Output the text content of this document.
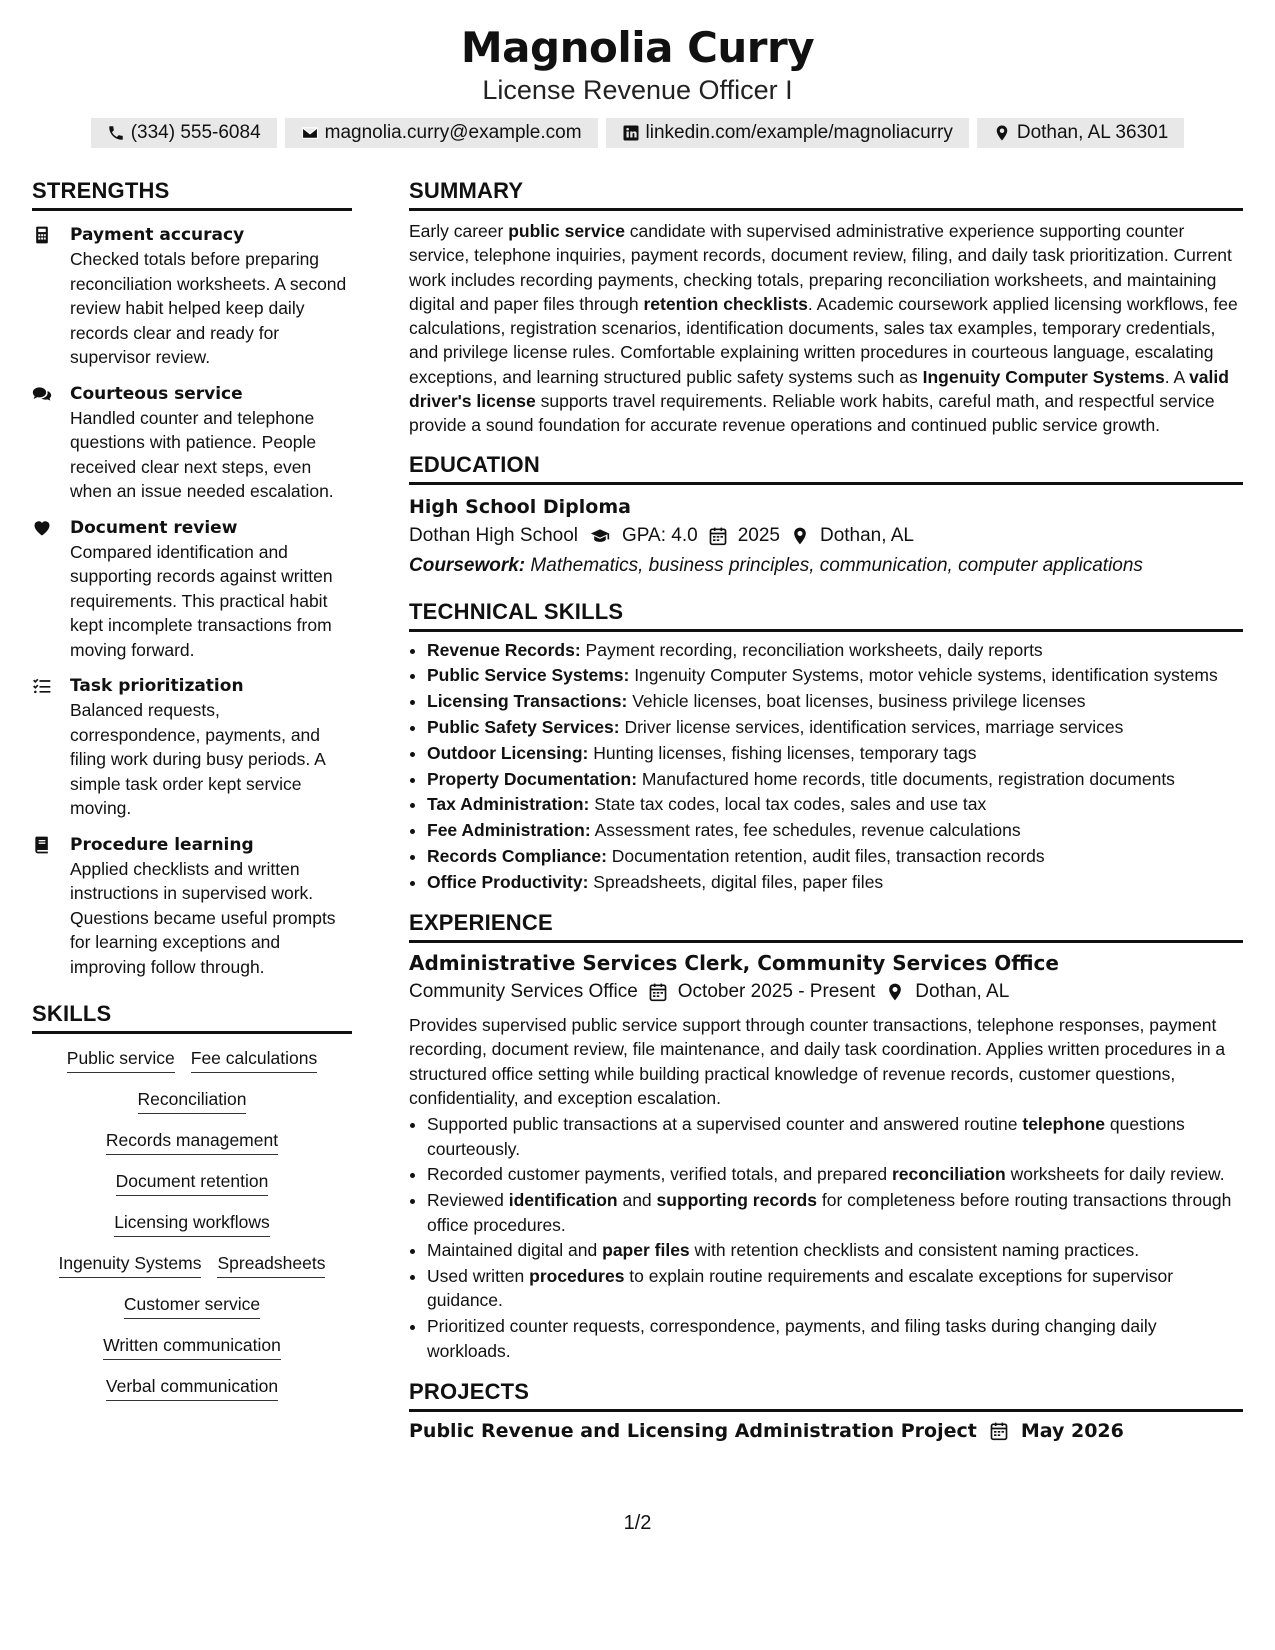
Magnolia Curry
License Revenue Officer I
(334) 555-6084	magnolia.curry@example.com	linkedin.com/example/magnoliacurry	Dothan, AL 36301
STRENGTHS
Payment accuracy
Checked totals before preparing reconciliation worksheets. A second review habit helped keep daily records clear and ready for supervisor review.
Courteous service
Handled counter and telephone questions with patience. People received clear next steps, even when an issue needed escalation.
Document review
Compared identification and supporting records against written requirements. This practical habit kept incomplete transactions from moving forward.
Task prioritization
Balanced requests, correspondence, payments, and filing work during busy periods. A simple task order kept service moving.
Procedure learning
Applied checklists and written instructions in supervised work. Questions became useful prompts for learning exceptions and improving follow through.
SKILLS
Public service Fee calculations
Reconciliation
Records management
Document retention
Licensing workflows
Ingenuity Systems Spreadsheets
Customer service
Written communication
Verbal communication
SUMMARY

Early career public service candidate with supervised administrative experience supporting counter service, telephone inquiries, payment records, document review, filing, and daily task prioritization. Current work includes recording payments, checking totals, preparing reconciliation worksheets, and maintaining digital and paper files through retention checklists. Academic coursework applied licensing workflows, fee calculations, registration scenarios, identification documents, sales tax examples, temporary credentials, and privilege license rules. Comfortable explaining written procedures in courteous language, escalating exceptions, and learning structured public safety systems such as Ingenuity Computer Systems. A valid driver's license supports travel requirements. Reliable work habits, careful math, and respectful service provide a sound foundation for accurate revenue operations and continued public service growth.

EDUCATION
High School Diploma
Dothan High School GPA: 4.0 2025 Dothan, AL
Coursework: Mathematics, business principles, communication, computer applications
TECHNICAL SKILLS
• Revenue Records: Payment recording, reconciliation worksheets, daily reports
• Public Service Systems: Ingenuity Computer Systems, motor vehicle systems, identification systems
• Licensing Transactions: Vehicle licenses, boat licenses, business privilege licenses
• Public Safety Services: Driver license services, identification services, marriage services
• Outdoor Licensing: Hunting licenses, fishing licenses, temporary tags
• Property Documentation: Manufactured home records, title documents, registration documents
• Tax Administration: State tax codes, local tax codes, sales and use tax
• Fee Administration: Assessment rates, fee schedules, revenue calculations
• Records Compliance: Documentation retention, audit files, transaction records
• Office Productivity: Spreadsheets, digital files, paper files
EXPERIENCE
Administrative Services Clerk, Community Services Office
Community Services Office October 2025 - Present Dothan, AL

Provides supervised public service support through counter transactions, telephone responses, payment recording, document review, file maintenance, and daily task coordination. Applies written procedures in a structured office setting while building practical knowledge of revenue records, customer questions, confidentiality, and exception escalation.

• Supported public transactions at a supervised counter and answered routine telephone questions courteously.
• Recorded customer payments, verified totals, and prepared reconciliation worksheets for daily review.
• Reviewed identification and supporting records for completeness before routing transactions through office procedures.
• Maintained digital and paper files with retention checklists and consistent naming practices.
• Used written procedures to explain routine requirements and escalate exceptions for supervisor guidance.
• Prioritized counter requests, correspondence, payments, and filing tasks during changing daily workloads.
PROJECTS
Public Revenue and Licensing Administration Project May 2026
1/2
